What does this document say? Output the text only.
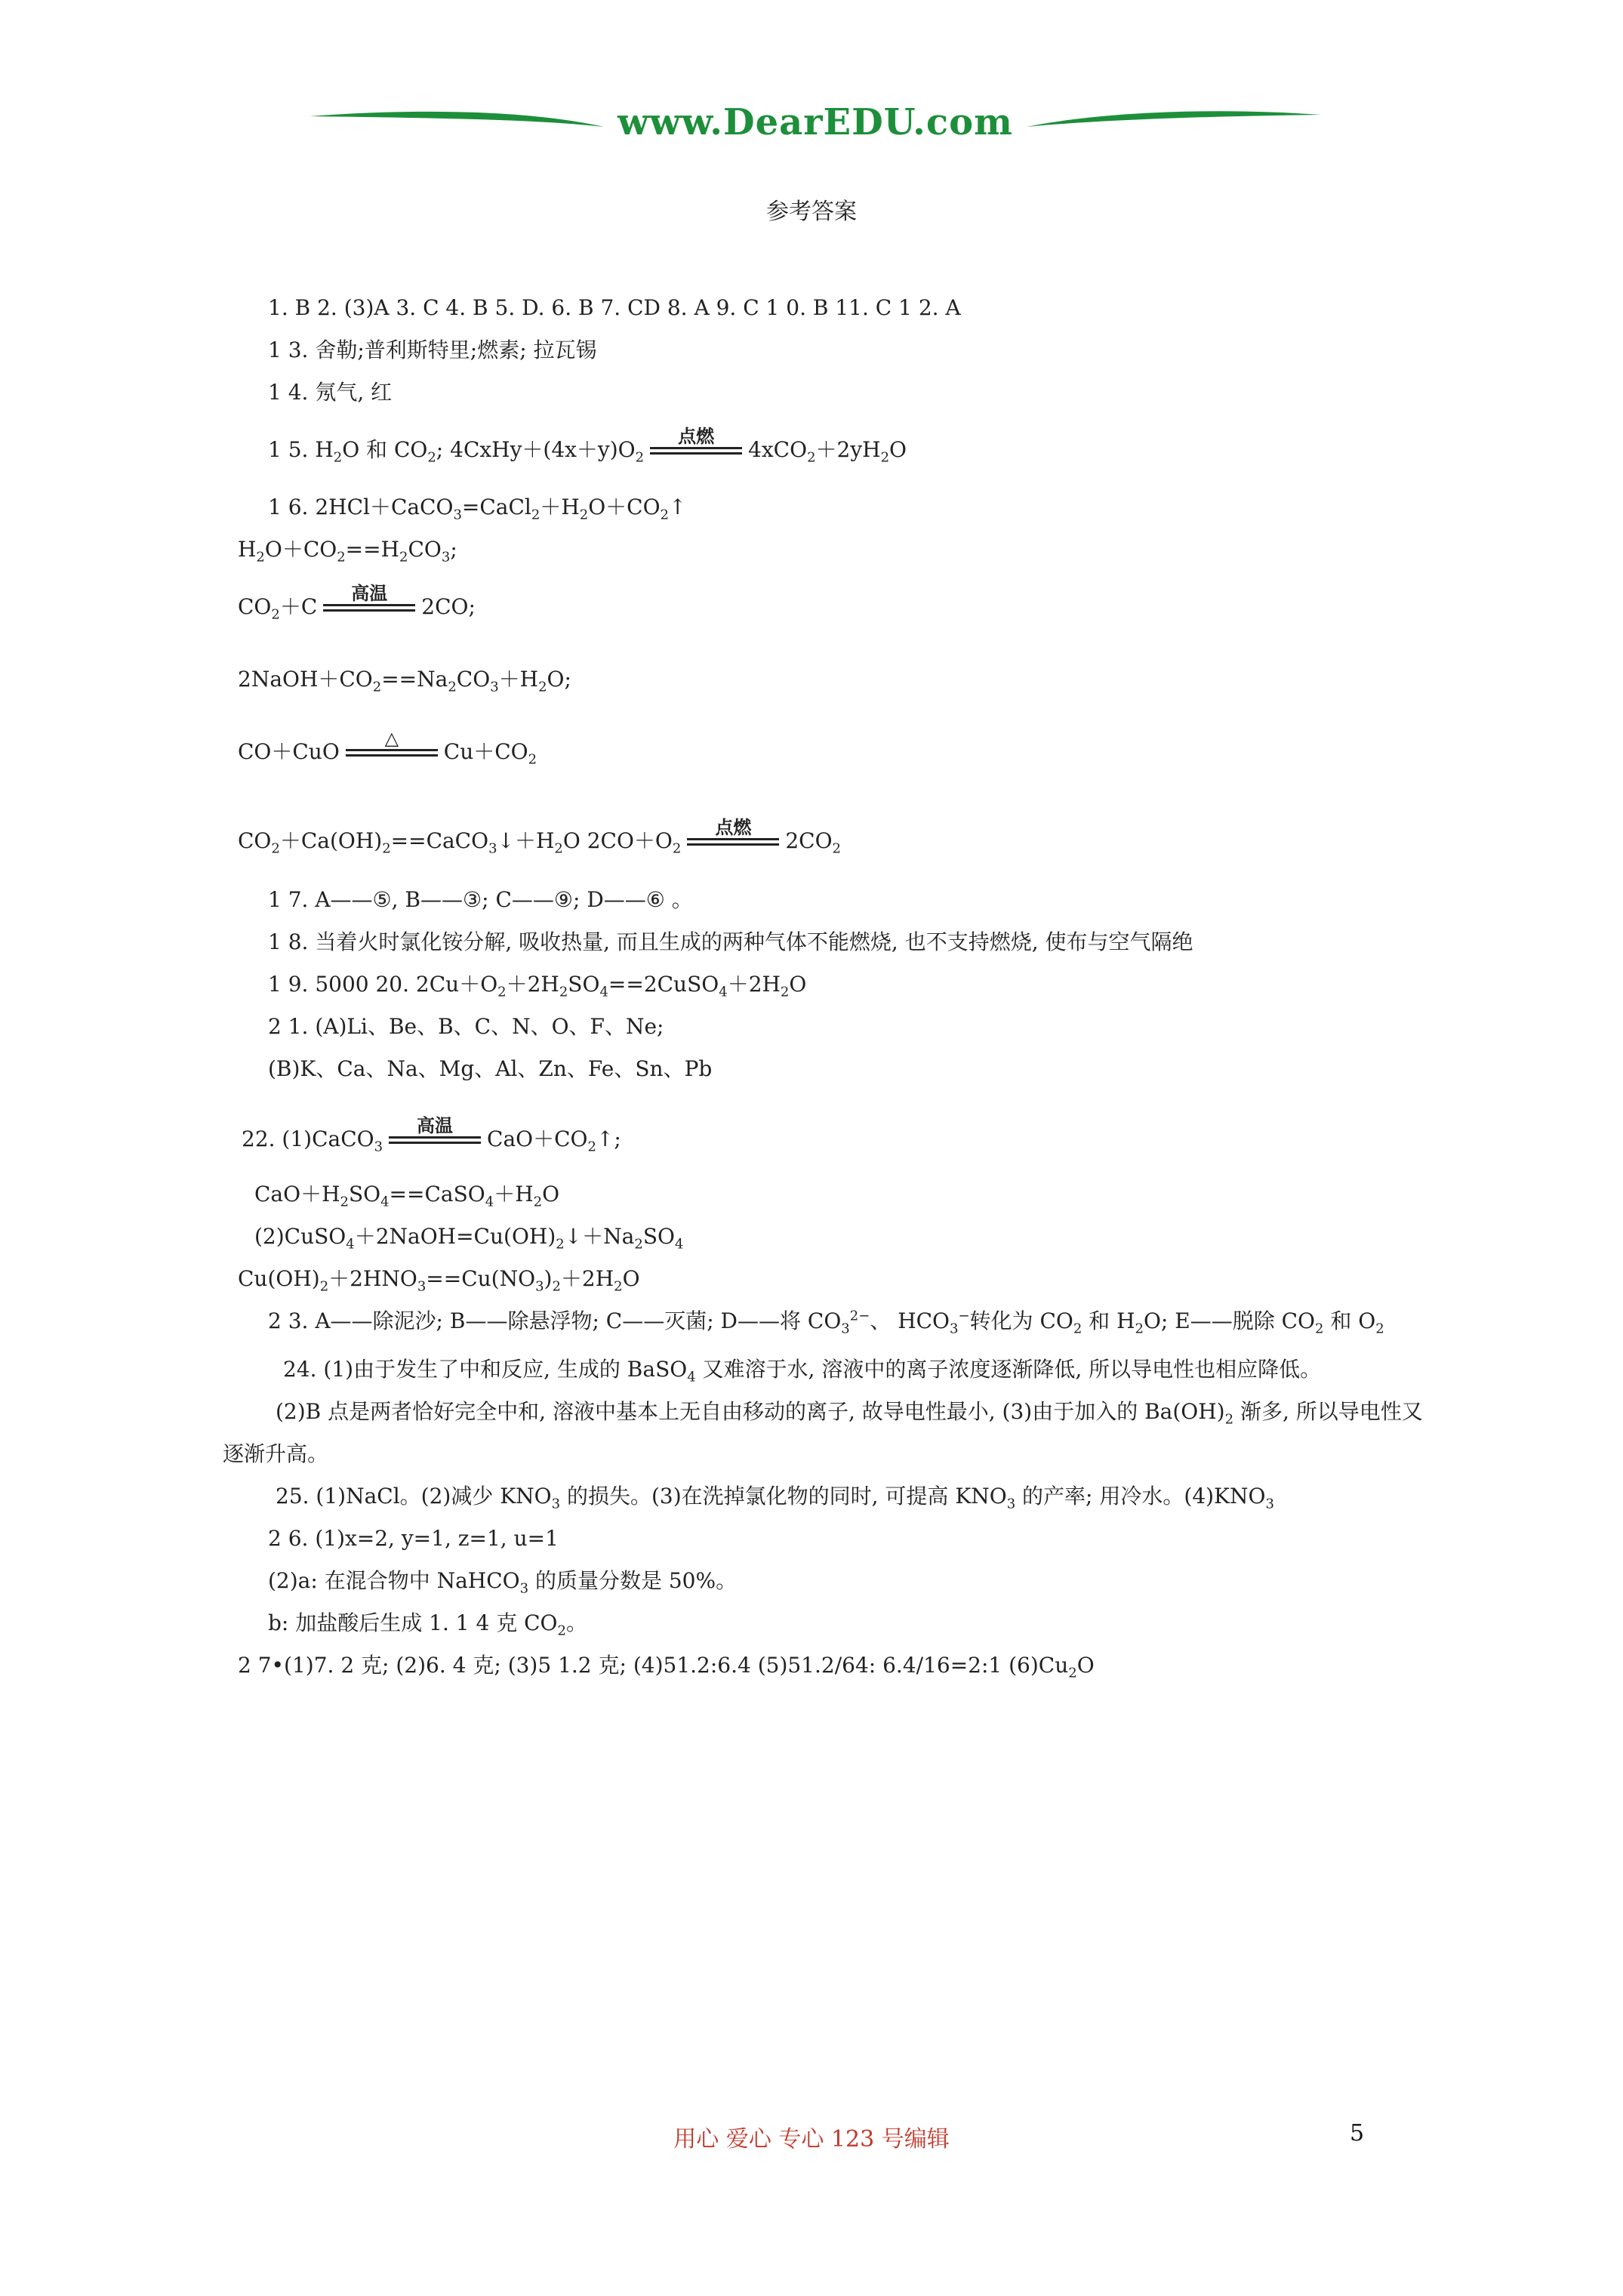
www.DearEDU.com
参考答案
1. B 2. (3)A 3. C 4. B 5. D. 6. B 7. CD 8. A 9. C 1 0. B 11. C 1 2. A
1 3. 舍勒;普利斯特里;燃素; 拉瓦锡
1 4. 氖气, 红
1 5. $H_2O$ 和 $CO_2$; $4CxHy+(4x+y)O_2$
点燃
$4xCO_2+2yH_2O$
1 6. $2HCl+CaCO_3=CaCl_2+H_2O+CO_2↑$
$H_2O+CO_2==H_2CO_3$;
$CO_2+C$
高温
2CO;
$2NaOH+CO_2==Na_2CO_3+H_2O$;
CO＋CuO
△
$Cu+CO_2$
$CO_2+Ca(OH)_2==CaCO_3↓+H_2O$ $2CO+O_2$
点燃
$2CO_2$
1 7. A——⑤, B——③; C——⑨; D——⑥ 。
1 8. 当着火时氯化铵分解, 吸收热量, 而且生成的两种气体不能燃烧, 也不支持燃烧, 使布与空气隔绝
1 9. 5000 20. $2Cu+O_2+2H_2SO_4==2CuSO_4+2H_2O$
2 1. (A)Li、Be、B、C、N、O、F、Ne;
(B)K、Ca、Na、Mg、Al、Zn、Fe、Sn、Pb
22. (1)CaCO$_3$
高温
$CaO+CO_2↑$;
$CaO+H_2SO_4==CaSO_4+H_2O$
$(2)CuSO_4+2NaOH=Cu(OH)_2↓+Na_2SO_4$
$Cu(OH)_2+2HNO_3==Cu(NO_3)_2+2H_2O$
2 3. A——除泥沙; B——除悬浮物; C——灭菌; D——将 $CO_3^{2-}$、 $HCO_3^-$转化为 $CO_2$ 和 $H_2O$; E——脱除 $CO_2$ 和 $O_2$
24. (1)由于发生了中和反应, 生成的 BaSO$_4$ 又难溶于水, 溶液中的离子浓度逐渐降低, 所以导电性也相应降低。
(2)B 点是两者恰好完全中和, 溶液中基本上无自由移动的离子, 故导电性最小, (3)由于加入的 $Ba(OH)_2$ 渐多, 所以导电性又逐渐升高。
25. (1)NaCl。(2)减少 $KNO_3$ 的损失。(3)在洗掉氯化物的同时, 可提高 $KNO_3$ 的产率; 用冷水。$(4)KNO_3$
2 6. (1)x=2, y=1, z=1, u=1
(2)a: 在混合物中 NaHCO$_3$ 的质量分数是 50%。
b: 加盐酸后生成 1. 1 4 克 $CO_2$。
2 7•(1)7. 2 克; (2)6. 4 克; (3)5 1.2 克; (4)51.2:6.4 (5)51.2/64: 6.4/16=2:1 $(6)Cu_2O$
用心 爱心 专心 123 号编辑	5
